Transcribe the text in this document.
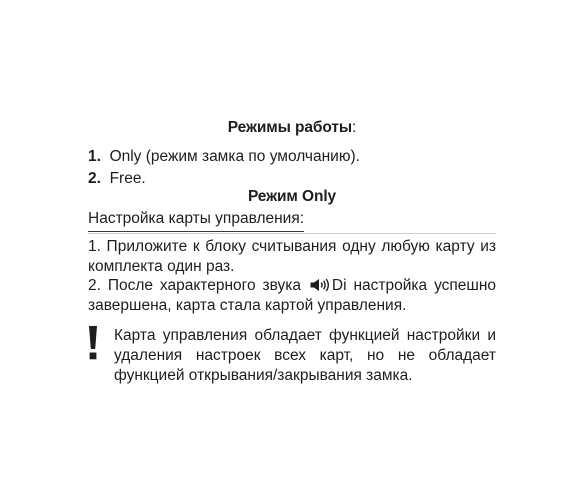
Режимы работы:
1. Only (режим замка по умолчанию).
2. Free.
Режим Only
Настройка карты управления:
1. Приложите к блоку считывания одну любую карту из комплекта один раз.
2. После характерного звука Di настройка успешно завершена, карта стала картой управления.
Карта управления обладает функцией настройки и удаления настроек всех карт, но не обладает функцией открывания/закрывания замка.
